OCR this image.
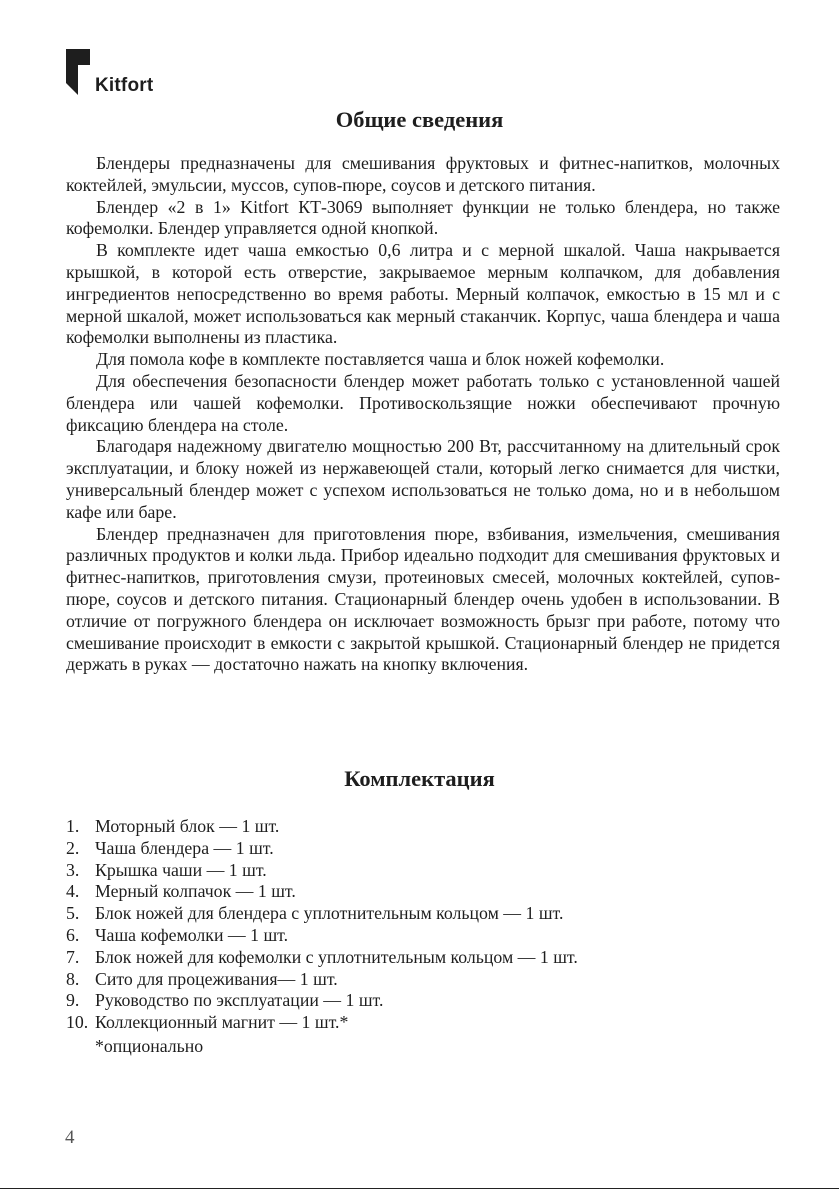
Kitfort
Общие сведения

Блендеры предназначены для смешивания фруктовых и фитнес-напитков, молочных коктейлей, эмульсии, муссов, супов-пюре, соусов и детского питания.

Блендер «2 в 1» Kitfort КТ-3069 выполняет функции не только блендера, но также кофемолки. Блендер управляется одной кнопкой.

В комплекте идет чаша емкостью 0,6 литра и с мерной шкалой. Чаша накрывается крышкой, в которой есть отверстие, закрываемое мерным колпачком, для добавления ингредиентов непосредственно во время работы. Мерный колпачок, емкостью в 15 мл и с мерной шкалой, может использоваться как мерный стаканчик. Корпус, чаша блендера и чаша кофемолки выполнены из пластика.

Для помола кофе в комплекте поставляется чаша и блок ножей кофемолки.

Для обеспечения безопасности блендер может работать только с установленной чашей блендера или чашей кофемолки. Противоскользящие ножки обеспечивают прочную фиксацию блендера на столе.

Благодаря надежному двигателю мощностью 200 Вт, рассчитанному на длительный срок эксплуатации, и блоку ножей из нержавеющей стали, который легко снимается для чистки, универсальный блендер может с успехом использоваться не только дома, но и в небольшом кафе или баре.

Блендер предназначен для приготовления пюре, взбивания, измельчения, смешивания различных продуктов и колки льда. Прибор идеально подходит для смешивания фруктовых и фитнес-напитков, приготовления смузи, протеиновых смесей, молочных коктейлей, супов-пюре, соусов и детского питания. Стационарный блендер очень удобен в использовании. В отличие от погружного блендера он исключает возможность брызг при работе, потому что смешивание происходит в емкости с закрытой крышкой. Стационарный блендер не придется держать в руках — достаточно нажать на кнопку включения.

Комплектация
1. Моторный блок — 1 шт.
2. Чаша блендера — 1 шт.
3. Крышка чаши — 1 шт.
4. Мерный колпачок — 1 шт.
5. Блок ножей для блендера с уплотнительным кольцом — 1 шт.
6. Чаша кофемолки — 1 шт.
7. Блок ножей для кофемолки с уплотнительным кольцом — 1 шт.
8. Сито для процеживания— 1 шт.
9. Руководство по эксплуатации — 1 шт.
10. Коллекционный магнит — 1 шт.*
*опционально
4
